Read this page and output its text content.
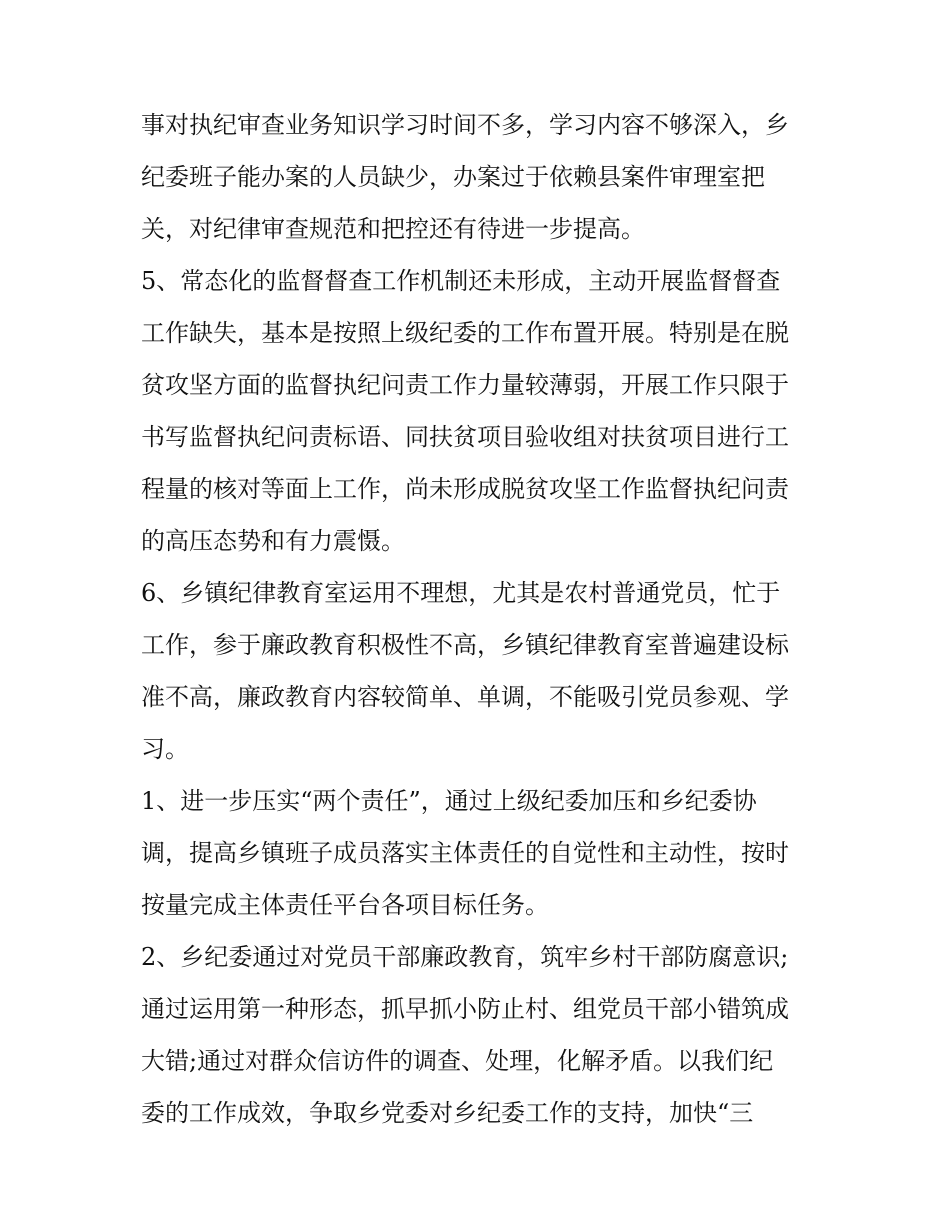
事对执纪审查业务知识学习时间不多，学习内容不够深入，乡
纪委班子能办案的人员缺少，办案过于依赖县案件审理室把
关，对纪律审查规范和把控还有待进一步提高。
5、常态化的监督督查工作机制还未形成，主动开展监督督查
工作缺失，基本是按照上级纪委的工作布置开展。特别是在脱
贫攻坚方面的监督执纪问责工作力量较薄弱，开展工作只限于
书写监督执纪问责标语、同扶贫项目验收组对扶贫项目进行工
程量的核对等面上工作，尚未形成脱贫攻坚工作监督执纪问责
的高压态势和有力震慑。
6、乡镇纪律教育室运用不理想，尤其是农村普通党员，忙于
工作，参于廉政教育积极性不高，乡镇纪律教育室普遍建设标
准不高，廉政教育内容较简单、单调，不能吸引党员参观、学
习。
1、进一步压实“两个责任”，通过上级纪委加压和乡纪委协
调，提高乡镇班子成员落实主体责任的自觉性和主动性，按时
按量完成主体责任平台各项目标任务。
2、乡纪委通过对党员干部廉政教育，筑牢乡村干部防腐意识;
通过运用第一种形态，抓早抓小防止村、组党员干部小错筑成
大错;通过对群众信访件的调查、处理，化解矛盾。以我们纪
委的工作成效，争取乡党委对乡纪委工作的支持，加快“三
